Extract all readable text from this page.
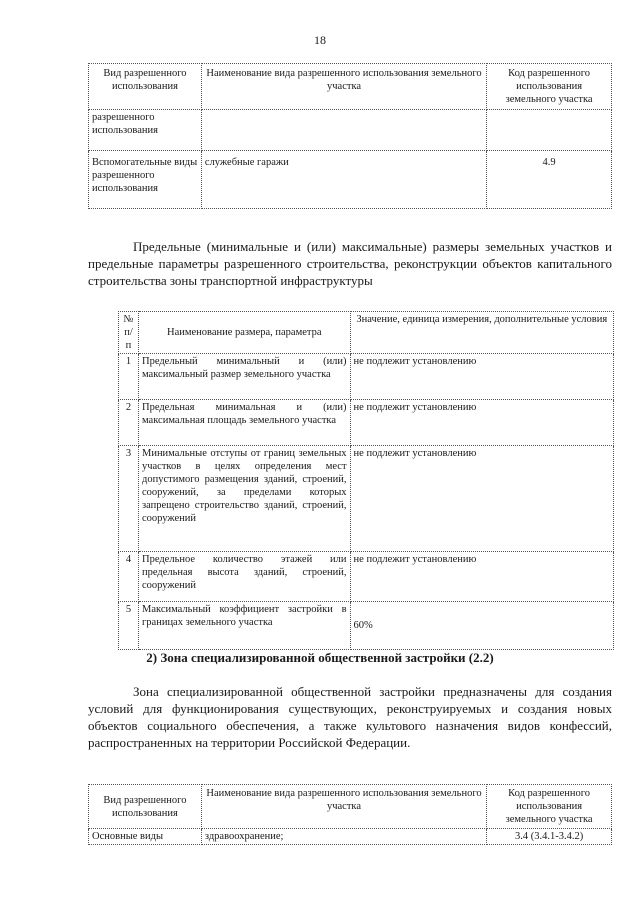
18
Вид разрешенного использования	Наименование вида разрешенного использования земельного участка	Код разрешенного использования земельного участка
разрешенного использования		
Вспомогательные виды разрешенного использования	служебные гаражи	4.9
Предельные (минимальные и (или) максимальные) размеры земельных участков и предельные параметры разрешенного строительства, реконструкции объектов капитального строительства зоны транспортной инфраструктуры
№ п/п	Наименование размера, параметра	Значение, единица измерения, дополнительные условия
1	Предельный минимальный и (или) максимальный размер земельного участка	не подлежит установлению
2	Предельная минимальная и (или) максимальная площадь земельного участка	не подлежит установлению
3	Минимальные отступы от границ земельных участков в целях определения мест допустимого размещения зданий, строений, сооружений, за пределами которых запрещено строительство зданий, строений, сооружений	не подлежит установлению
4	Предельное количество этажей или предельная высота зданий, строений, сооружений	не подлежит установлению
5	Максимальный коэффициент застройки в границах земельного участка	60%
2) Зона специализированной общественной застройки (2.2)
Зона специализированной общественной застройки предназначены для создания условий для функционирования существующих, реконструируемых и создания новых объектов социального обеспечения, а также культового назначения видов конфессий, распространенных на территории Российской Федерации.
Вид разрешенного использования	Наименование вида разрешенного использования земельного участка	Код разрешенного использования земельного участка
Основные виды	здравоохранение;	3.4 (3.4.1-3.4.2)
